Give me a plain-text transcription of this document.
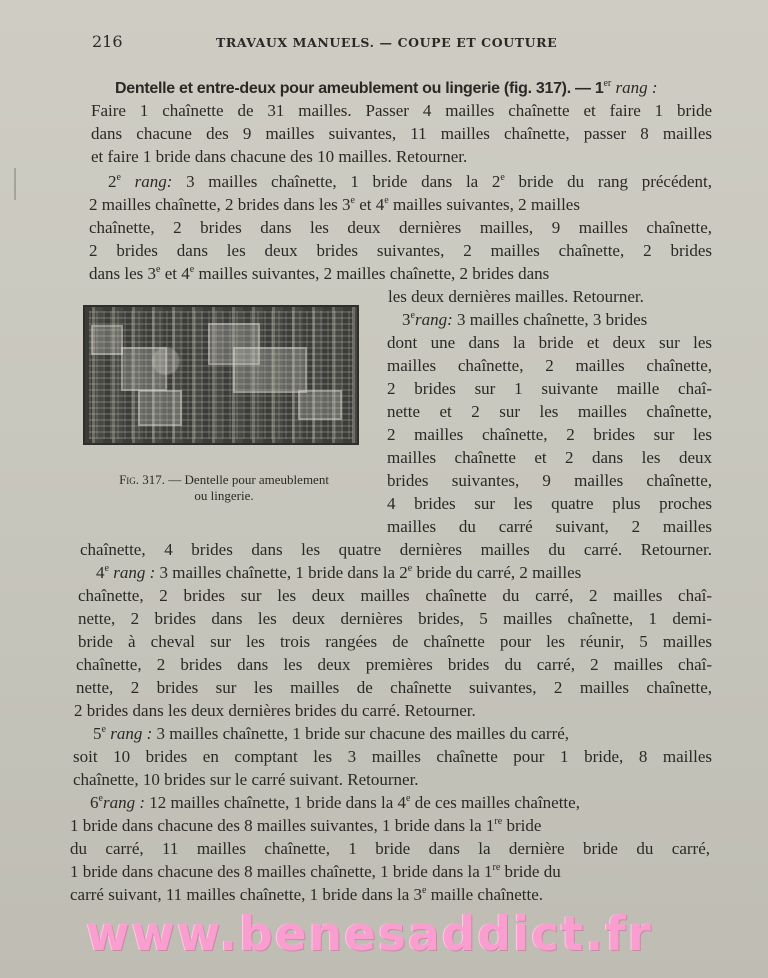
216	TRAVAUX MANUELS. — COUPE ET COUTURE
Dentelle et entre-deux pour ameublement ou lingerie (fig. 317). — 1er rang :
Faire 1 chaînette de 31 mailles. Passer 4 mailles chaînette et faire 1 bride
dans chacune des 9 mailles suivantes, 11 mailles chaînette, passer 8 mailles
et faire 1 bride dans chacune des 10 mailles. Retourner.
2e rang: 3 mailles chaînette, 1 bride dans la 2e bride du rang précédent,
2 mailles chaînette, 2 brides dans les 3e et 4e mailles suivantes, 2 mailles
chaînette, 2 brides dans les deux dernières mailles, 9 mailles chaînette,
2 brides dans les deux brides suivantes, 2 mailles chaînette, 2 brides
dans les 3e et 4e mailles suivantes, 2 mailles chaînette, 2 brides dans
les deux dernières mailles. Retourner.
Fig. 317. — Dentelle pour ameublement
ou lingerie.
3erang: 3 mailles chaînette, 3 brides
dont une dans la bride et deux sur les
mailles chaînette, 2 mailles chaînette,
2 brides sur 1 suivante maille chaî-
nette et 2 sur les mailles chaînette,
2 mailles chaînette, 2 brides sur les
mailles chaînette et 2 dans les deux
brides suivantes, 9 mailles chaînette,
4 brides sur les quatre plus proches
mailles du carré suivant, 2 mailles
chaînette, 4 brides dans les quatre dernières mailles du carré. Retourner.
4e rang : 3 mailles chaînette, 1 bride dans la 2e bride du carré, 2 mailles
chaînette, 2 brides sur les deux mailles chaînette du carré, 2 mailles chaî-
nette, 2 brides dans les deux dernières brides, 5 mailles chaînette, 1 demi-
bride à cheval sur les trois rangées de chaînette pour les réunir, 5 mailles
chaînette, 2 brides dans les deux premières brides du carré, 2 mailles chaî-
nette, 2 brides sur les mailles de chaînette suivantes, 2 mailles chaînette,
2 brides dans les deux dernières brides du carré. Retourner.
5e rang : 3 mailles chaînette, 1 bride sur chacune des mailles du carré,
soit 10 brides en comptant les 3 mailles chaînette pour 1 bride, 8 mailles
chaînette, 10 brides sur le carré suivant. Retourner.
6erang : 12 mailles chaînette, 1 bride dans la 4e de ces mailles chaînette,
1 bride dans chacune des 8 mailles suivantes, 1 bride dans la 1re bride
du carré, 11 mailles chaînette, 1 bride dans la dernière bride du carré,
1 bride dans chacune des 8 mailles chaînette, 1 bride dans la 1re bride du
carré suivant, 11 mailles chaînette, 1 bride dans la 3e maille chaînette.
www.benesaddict.fr
